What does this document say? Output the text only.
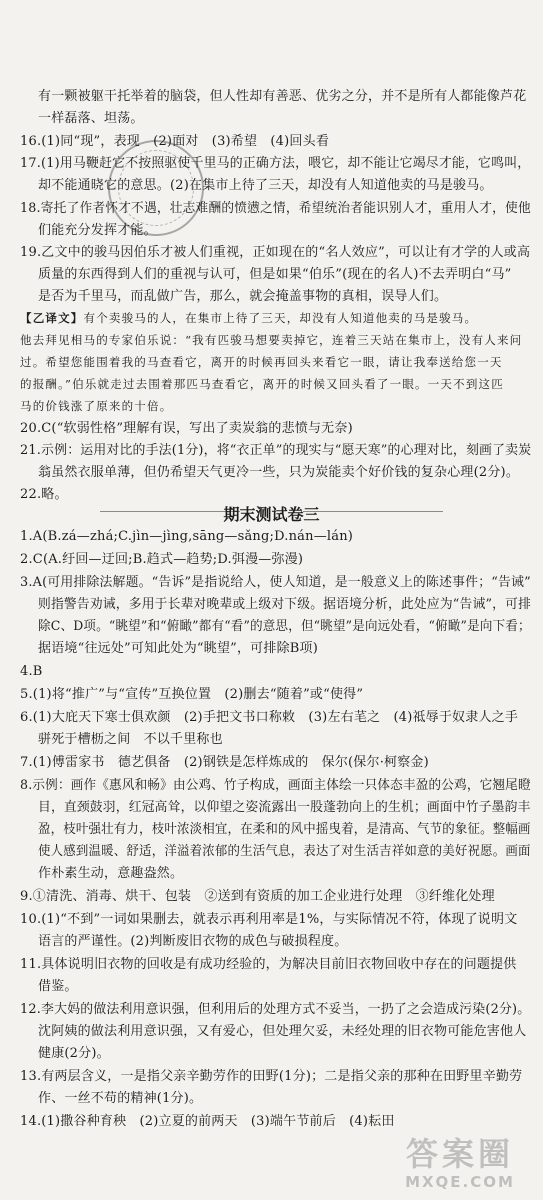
有一颗被躯干托举着的脑袋，但人性却有善恶、优劣之分，并不是所有人都能像芦花
一样磊落、坦荡。
16.(1)同“现”，表现　(2)面对　(3)希望　(4)回头看
17.(1)用马鞭赶它不按照驱使千里马的正确方法，喂它，却不能让它竭尽才能，它鸣叫，
却不能通晓它的意思。(2)在集市上待了三天，却没有人知道他卖的马是骏马。
18.寄托了作者怀才不遇，壮志难酬的愤懑之情，希望统治者能识别人才，重用人才，使他
们能充分发挥才能。
19.乙文中的骏马因伯乐才被人们重视，正如现在的“名人效应”，可以让有才学的人或高
质量的东西得到人们的重视与认可，但是如果“伯乐”(现在的名人)不去弄明白“马”
是否为千里马，而乱做广告，那么，就会掩盖事物的真相，误导人们。
【乙译文】有个卖骏马的人，在集市上待了三天，却没有人知道他卖的马是骏马。
他去拜见相马的专家伯乐说：“我有匹骏马想要卖掉它，连着三天站在集市上，没有人来问
过。希望您能围着我的马查看它，离开的时候再回头来看它一眼，请让我奉送给您一天
的报酬。”伯乐就走过去围着那匹马查看它，离开的时候又回头看了一眼。一天不到这匹
马的价钱涨了原来的十倍。
20.C(“软弱性格”理解有误，写出了卖炭翁的悲愤与无奈)
21.示例：运用对比的手法(1分)，将“衣正单”的现实与“愿天寒”的心理对比，刻画了卖炭
翁虽然衣服单薄，但仍希望天气更冷一些，只为炭能卖个好价钱的复杂心理(2分)。
22.略。
期末测试卷三
1.A(B.zá—zhá;C.jìn—jìng,sāng—sǎng;D.nán—lán)
2.C(A.纡回—迂回;B.趋式—趋势;D.弭漫—弥漫)
3.A(可用排除法解题。“告诉”是指说给人，使人知道，是一般意义上的陈述事件；“告诫”
则指警告劝诫，多用于长辈对晚辈或上级对下级。据语境分析，此处应为“告诫”，可排
除C、D项。“眺望”和“俯瞰”都有“看”的意思，但“眺望”是向远处看，“俯瞰”是向下看；
据语境“往远处”可知此处为“眺望”，可排除B项)
4.B
5.(1)将“推广”与“宣传”互换位置　(2)删去“随着”或“使得”
6.(1)大庇天下寒士俱欢颜　(2)手把文书口称敕　(3)左右芼之　(4)祗辱于奴隶人之手
骈死于槽枥之间　不以千里称也
7.(1)傅雷家书　德艺俱备　(2)钢铁是怎样炼成的　保尔(保尔·柯察金)
8.示例：画作《惠风和畅》由公鸡、竹子构成，画面主体绘一只体态丰盈的公鸡，它翘尾瞪
目，直颈鼓羽，红冠高耸，以仰望之姿流露出一股蓬勃向上的生机；画面中竹子墨韵丰
盈，枝叶强壮有力，枝叶浓淡相宜，在柔和的风中摇曳着，是清高、气节的象征。整幅画
使人感到温暖、舒适，洋溢着浓郁的生活气息，表达了对生活吉祥如意的美好祝愿。画面
作朴素生动，意趣盎然。
9.①清洗、消毒、烘干、包装　②送到有资质的加工企业进行处理　③纤维化处理
10.(1)“不到”一词如果删去，就表示再利用率是1%，与实际情况不符，体现了说明文
语言的严谨性。(2)判断废旧衣物的成色与破损程度。
11.具体说明旧衣物的回收是有成功经验的，为解决目前旧衣物回收中存在的问题提供
借鉴。
12.李大妈的做法利用意识强，但利用后的处理方式不妥当，一扔了之会造成污染(2分)。
沈阿姨的做法利用意识强，又有爱心，但处理欠妥，未经处理的旧衣物可能危害他人
健康(2分)。
13.有两层含义，一是指父亲辛勤劳作的田野(1分)；二是指父亲的那种在田野里辛勤劳
作、一丝不苟的精神(1分)。
14.(1)撒谷种育秧　(2)立夏的前两天　(3)端午节前后　(4)耘田
答案圈
MXQE.COM
